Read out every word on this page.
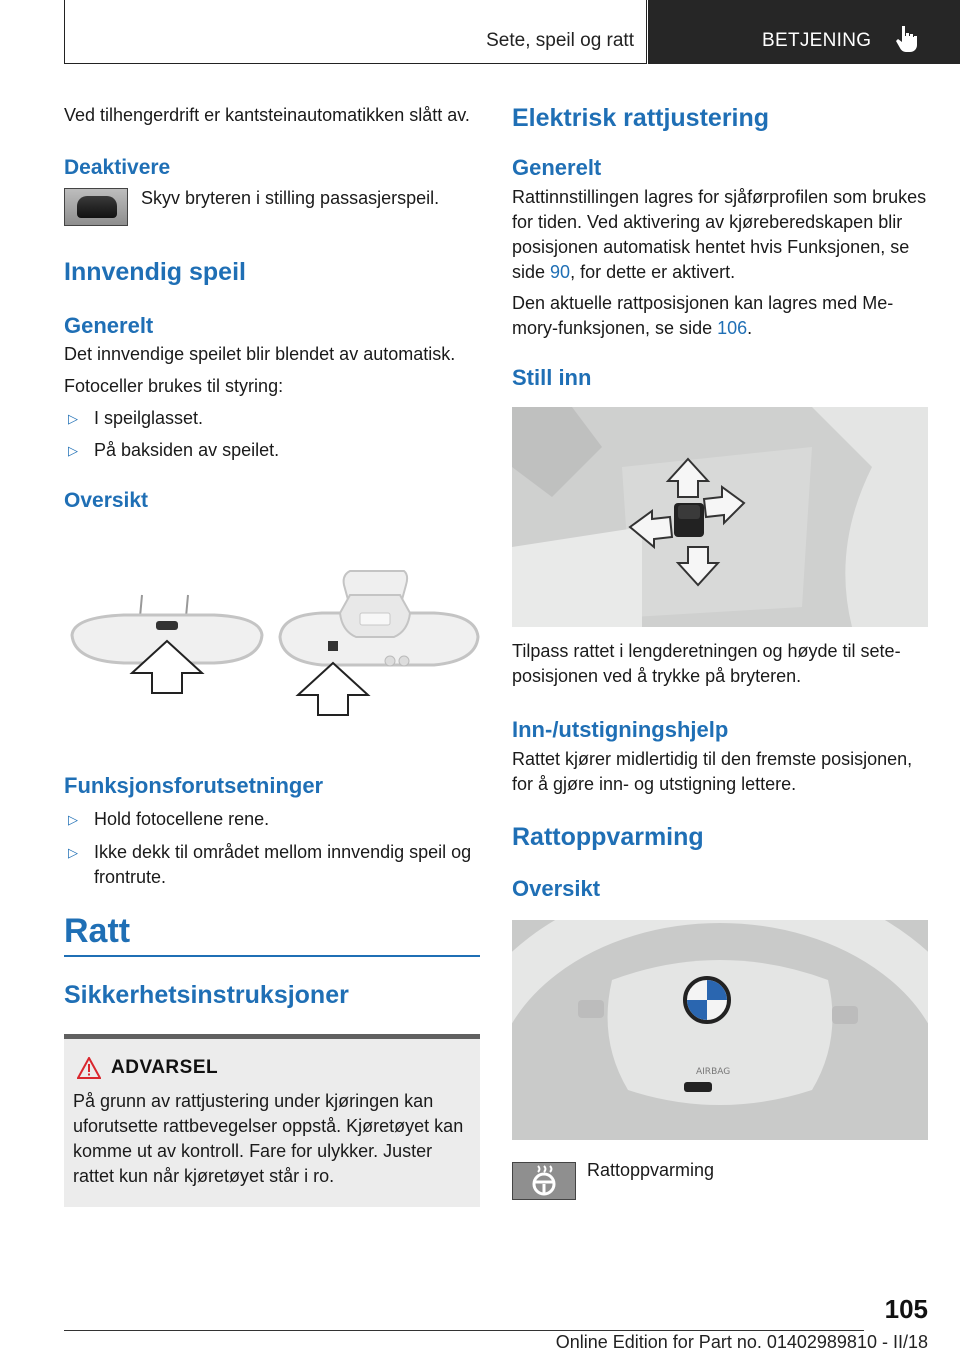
Sete, speil og ratt	BETJENING

Ved tilhengerdrift er kantsteinautomatikken slått av.

Deaktivere

Skyv bryteren i stilling passasjerspeil.

Innvendig speil
Generelt

Det innvendige speilet blir blendet av automatisk.

Fotoceller brukes til styring:

▷ I speilglasset.
▷ På baksiden av speilet.
Oversikt
Funksjonsforutsetninger
▷ Hold fotocellene rene.
▷ Ikke dekk til området mellom innvendig speil og frontrute.
Ratt
Sikkerhetsinstruksjoner
ADVARSEL

På grunn av rattjustering under kjøringen kan uforutsette rattbevegelser oppstå. Kjøretøyet kan komme ut av kontroll. Fare for ulykker. Juster rattet kun når kjøretøyet står i ro.

Elektrisk rattjustering
Generelt

Rattinnstillingen lagres for sjåførprofilen som brukes for tiden. Ved aktivering av kjøreberedskapen blir posisjonen automatisk hentet hvis Funksjonen, se side 90, for dette er aktivert.

Den aktuelle rattposisjonen kan lagres med Memory-funksjonen, se side 106.

Still inn

Tilpass rattet i lengderetningen og høyde til seteposisjonen ved å trykke på bryteren.

Inn-/utstigningshjelp

Rattet kjører midlertidig til den fremste posisjonen, for å gjøre inn- og utstigning lettere.

Rattoppvarming
Oversikt
AIRBAG

Rattoppvarming

105
Online Edition for Part no. 01402989810 - II/18
